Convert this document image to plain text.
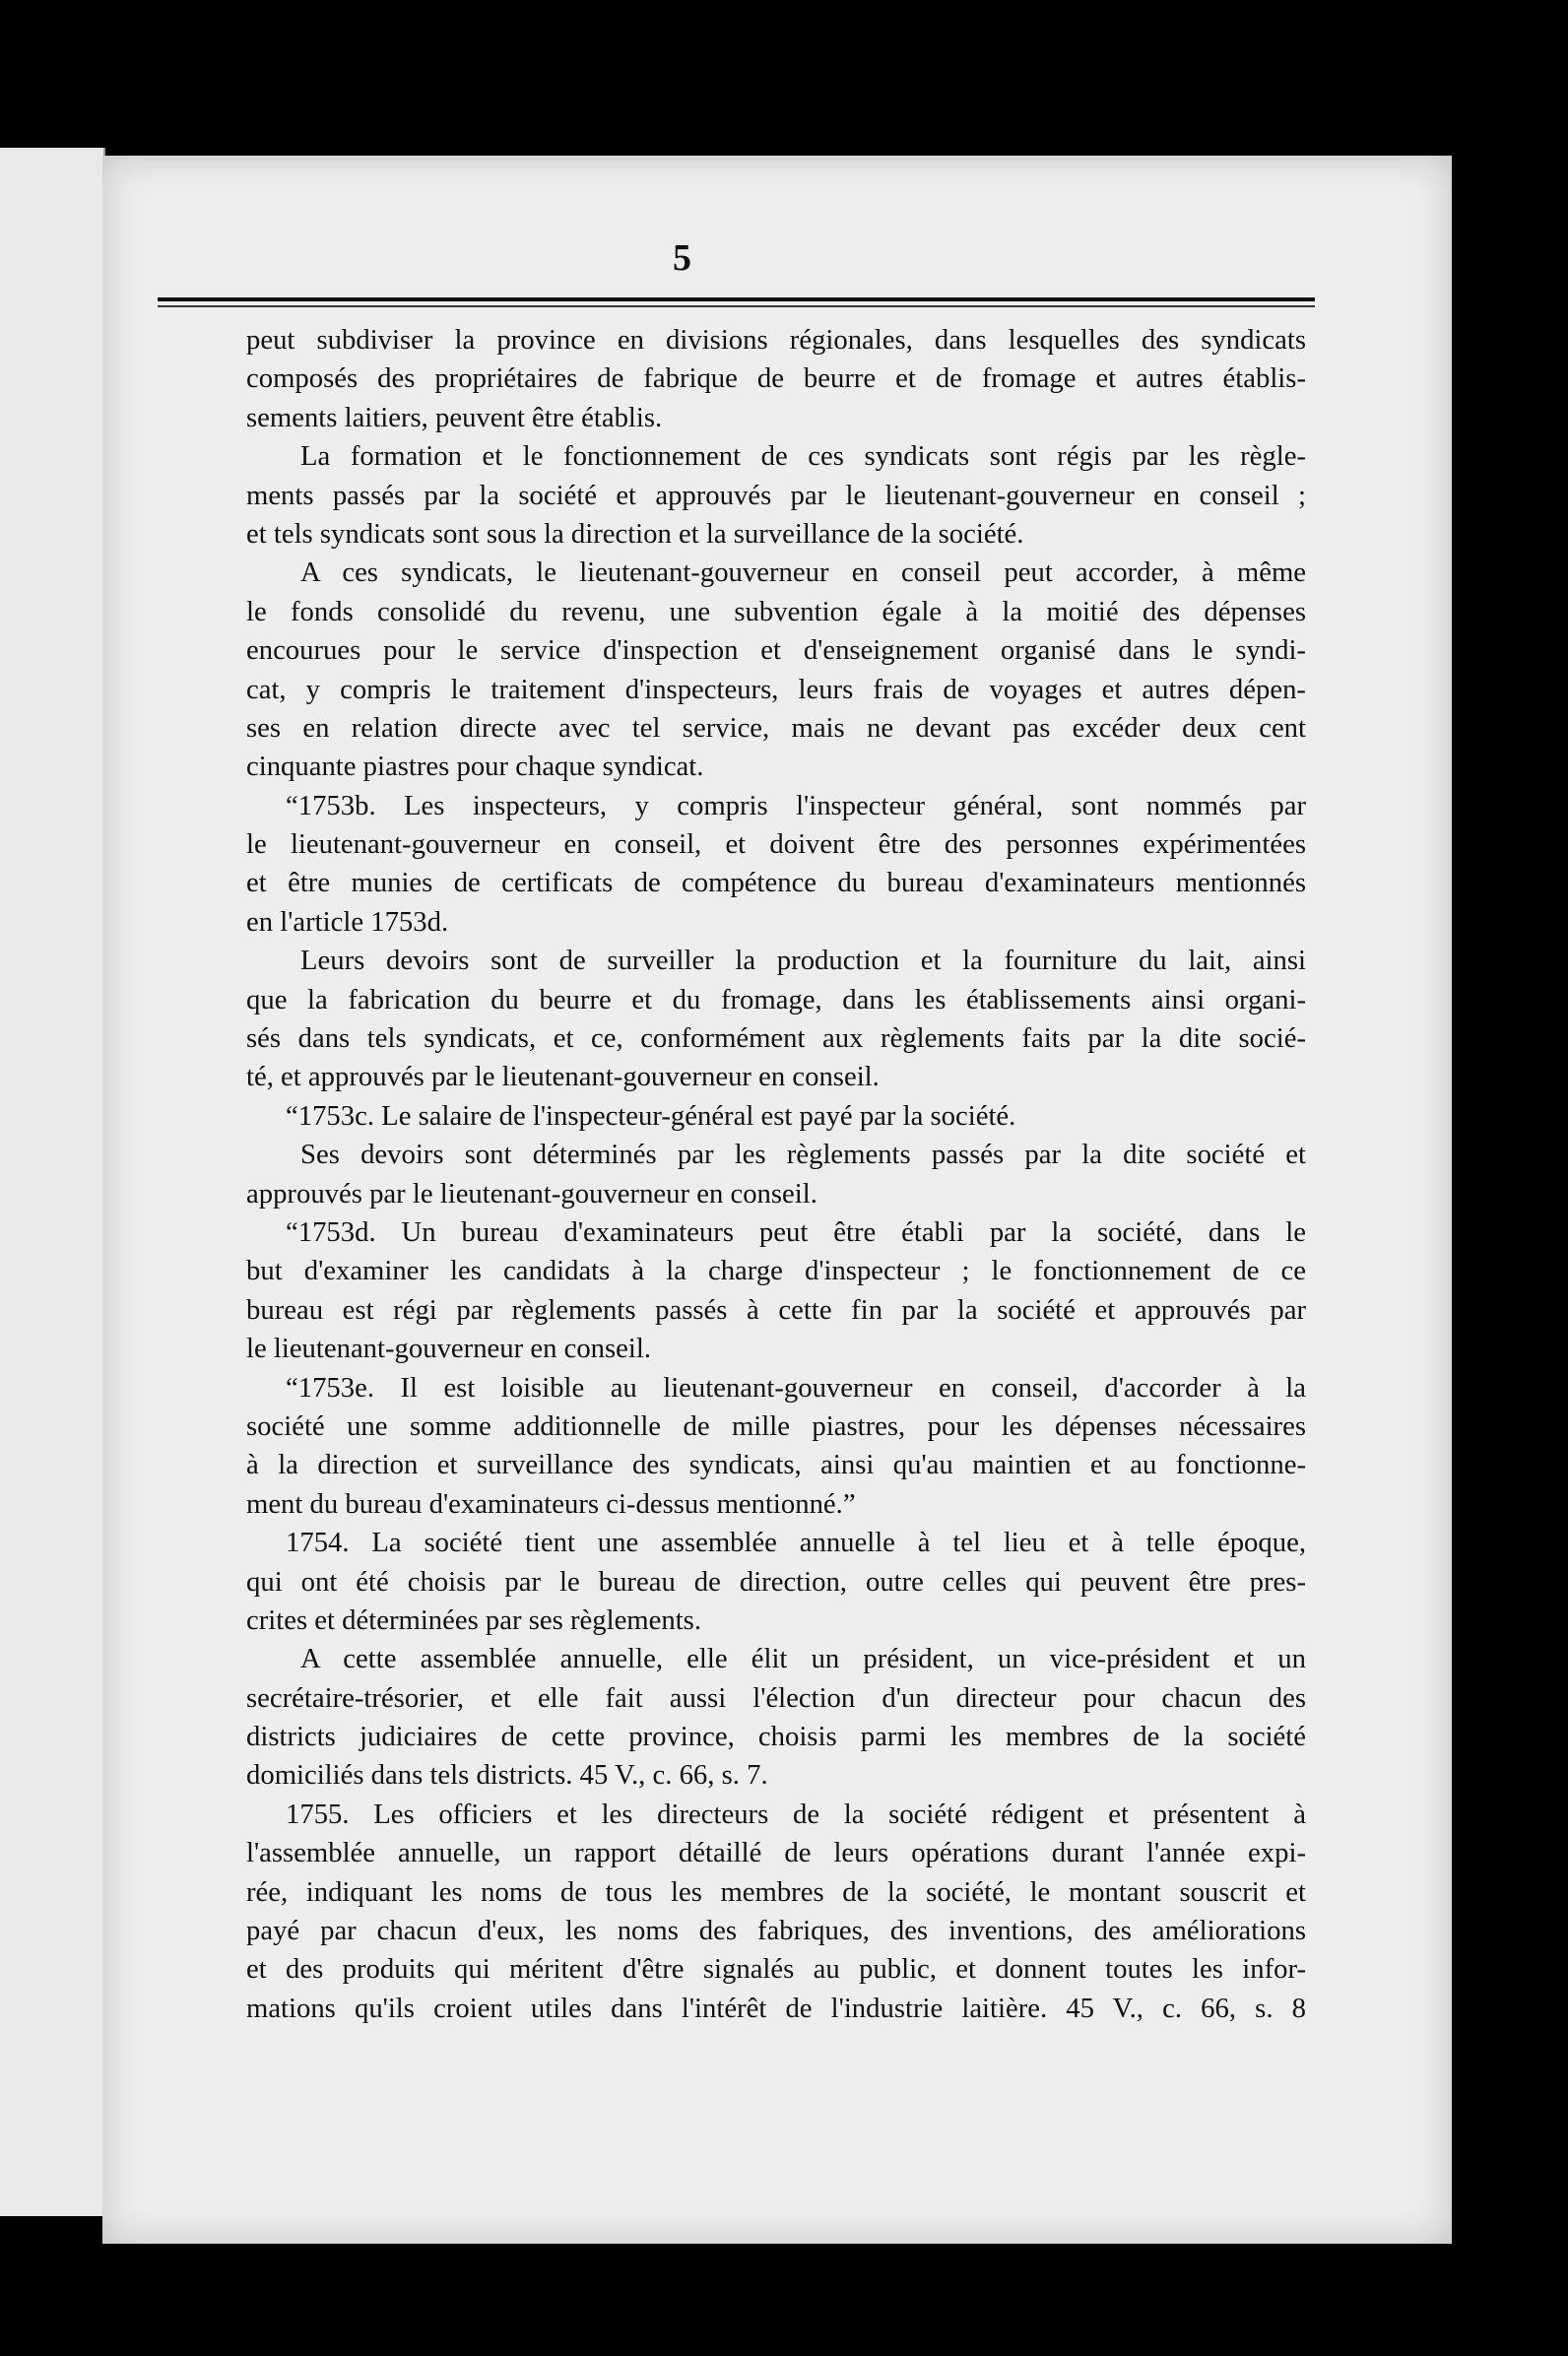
5
peut subdiviser la province en divisions régionales, dans lesquelles des syndicats
composés des propriétaires de fabrique de beurre et de fromage et autres établis-
sements laitiers, peuvent être établis.
La formation et le fonctionnement de ces syndicats sont régis par les règle-
ments passés par la société et approuvés par le lieutenant-gouverneur en conseil ;
et tels syndicats sont sous la direction et la surveillance de la société.
A ces syndicats, le lieutenant-gouverneur en conseil peut accorder, à même
le fonds consolidé du revenu, une subvention égale à la moitié des dépenses
encourues pour le service d'inspection et d'enseignement organisé dans le syndi-
cat, y compris le traitement d'inspecteurs, leurs frais de voyages et autres dépen-
ses en relation directe avec tel service, mais ne devant pas excéder deux cent
cinquante piastres pour chaque syndicat.
“1753b. Les inspecteurs, y compris l'inspecteur général, sont nommés par
le lieutenant-gouverneur en conseil, et doivent être des personnes expérimentées
et être munies de certificats de compétence du bureau d'examinateurs mentionnés
en l'article 1753d.
Leurs devoirs sont de surveiller la production et la fourniture du lait, ainsi
que la fabrication du beurre et du fromage, dans les établissements ainsi organi-
sés dans tels syndicats, et ce, conformément aux règlements faits par la dite socié-
té, et approuvés par le lieutenant-gouverneur en conseil.
“1753c. Le salaire de l'inspecteur-général est payé par la société.
Ses devoirs sont déterminés par les règlements passés par la dite société et
approuvés par le lieutenant-gouverneur en conseil.
“1753d. Un bureau d'examinateurs peut être établi par la société, dans le
but d'examiner les candidats à la charge d'inspecteur ; le fonctionnement de ce
bureau est régi par règlements passés à cette fin par la société et approuvés par
le lieutenant-gouverneur en conseil.
“1753e. Il est loisible au lieutenant-gouverneur en conseil, d'accorder à la
société une somme additionnelle de mille piastres, pour les dépenses nécessaires
à la direction et surveillance des syndicats, ainsi qu'au maintien et au fonctionne-
ment du bureau d'examinateurs ci-dessus mentionné.”
1754. La société tient une assemblée annuelle à tel lieu et à telle époque,
qui ont été choisis par le bureau de direction, outre celles qui peuvent être pres-
crites et déterminées par ses règlements.
A cette assemblée annuelle, elle élit un président, un vice-président et un
secrétaire-trésorier, et elle fait aussi l'élection d'un directeur pour chacun des
districts judiciaires de cette province, choisis parmi les membres de la société
domiciliés dans tels districts. 45 V., c. 66, s. 7.
1755. Les officiers et les directeurs de la société rédigent et présentent à
l'assemblée annuelle, un rapport détaillé de leurs opérations durant l'année expi-
rée, indiquant les noms de tous les membres de la société, le montant souscrit et
payé par chacun d'eux, les noms des fabriques, des inventions, des améliorations
et des produits qui méritent d'être signalés au public, et donnent toutes les infor-
mations qu'ils croient utiles dans l'intérêt de l'industrie laitière. 45 V., c. 66, s. 8
